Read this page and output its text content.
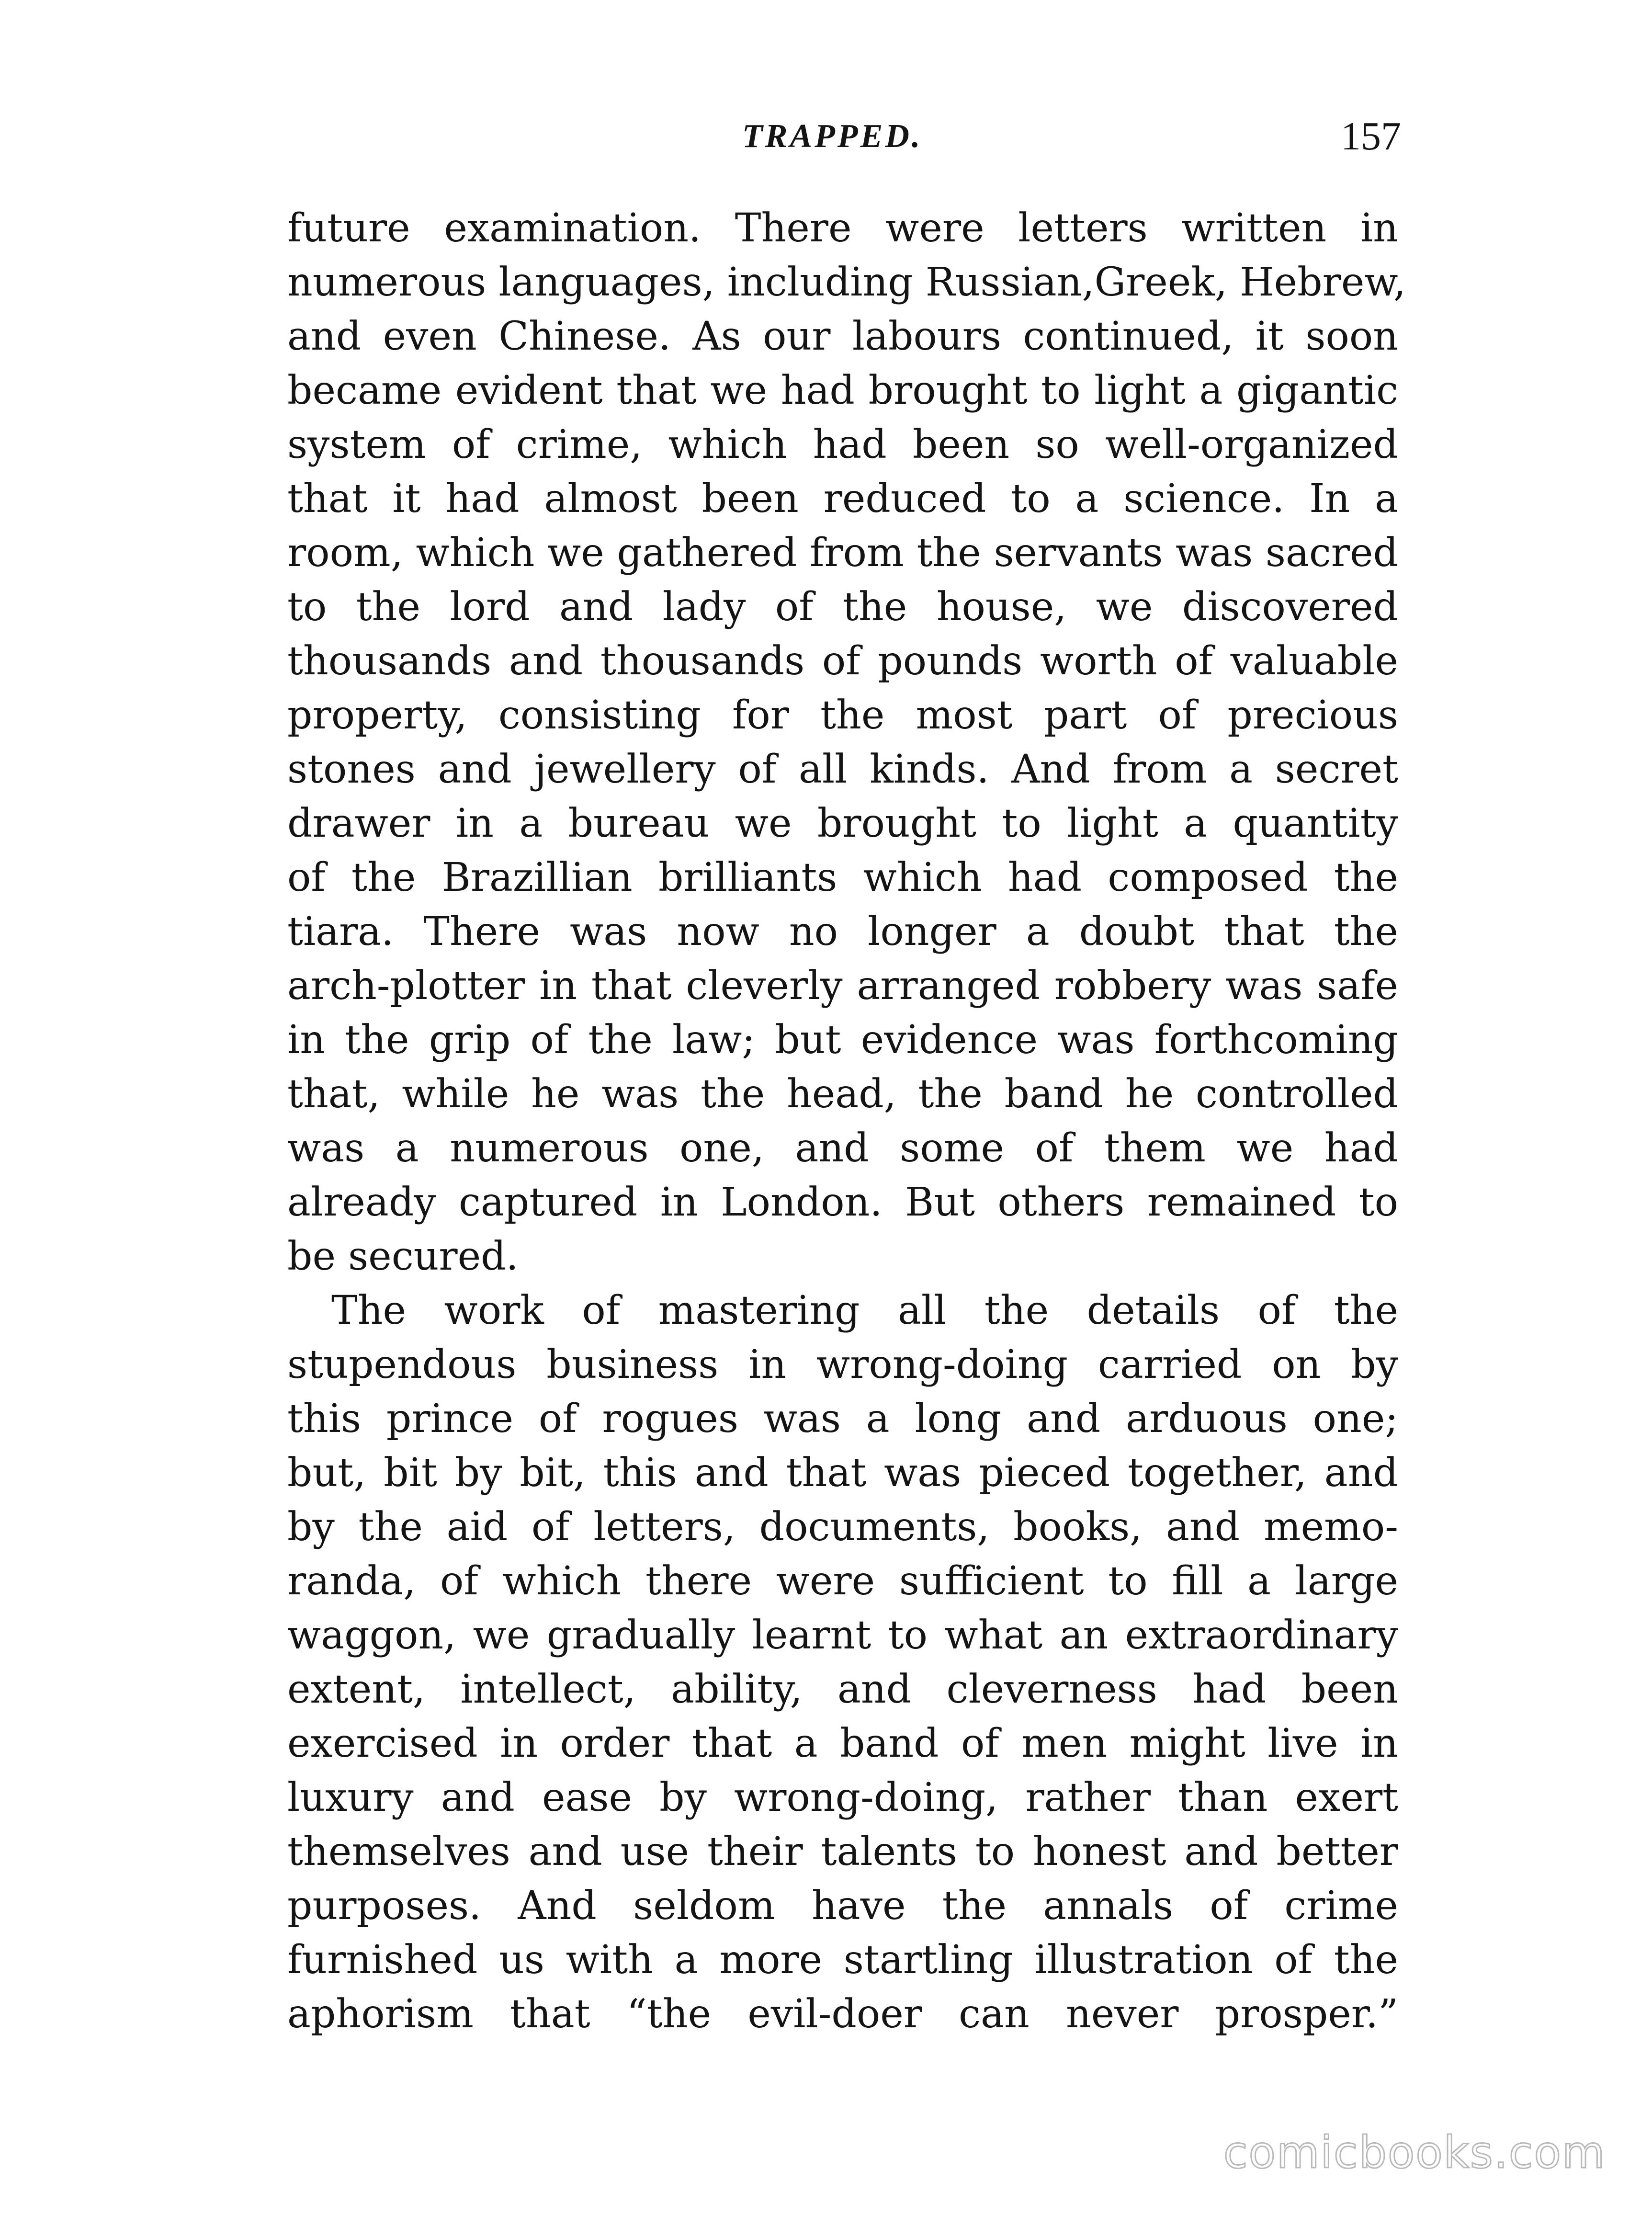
TRAPPED.	157
future examination. There were letters written in
numerous languages, including Russian,Greek, Hebrew,
and even Chinese. As our labours continued, it soon
became evident that we had brought to light a gigantic
system of crime, which had been so well-organized
that it had almost been reduced to a science. In a
room, which we gathered from the servants was sacred
to the lord and lady of the house, we discovered
thousands and thousands of pounds worth of valuable
property, consisting for the most part of precious
stones and jewellery of all kinds. And from a secret
drawer in a bureau we brought to light a quantity
of the Brazillian brilliants which had composed the
tiara. There was now no longer a doubt that the
arch-plotter in that cleverly arranged robbery was safe
in the grip of the law; but evidence was forthcoming
that, while he was the head, the band he controlled
was a numerous one, and some of them we had
already captured in London. But others remained to
be secured.
The work of mastering all the details of the
stupendous business in wrong-doing carried on by
this prince of rogues was a long and arduous one;
but, bit by bit, this and that was pieced together, and
by the aid of letters, documents, books, and memo-
randa, of which there were sufficient to fill a large
waggon, we gradually learnt to what an extraordinary
extent, intellect, ability, and cleverness had been
exercised in order that a band of men might live in
luxury and ease by wrong-doing, rather than exert
themselves and use their talents to honest and better
purposes. And seldom have the annals of crime
furnished us with a more startling illustration of the
aphorism that “the evil-doer can never prosper.”
comicbooks.com
